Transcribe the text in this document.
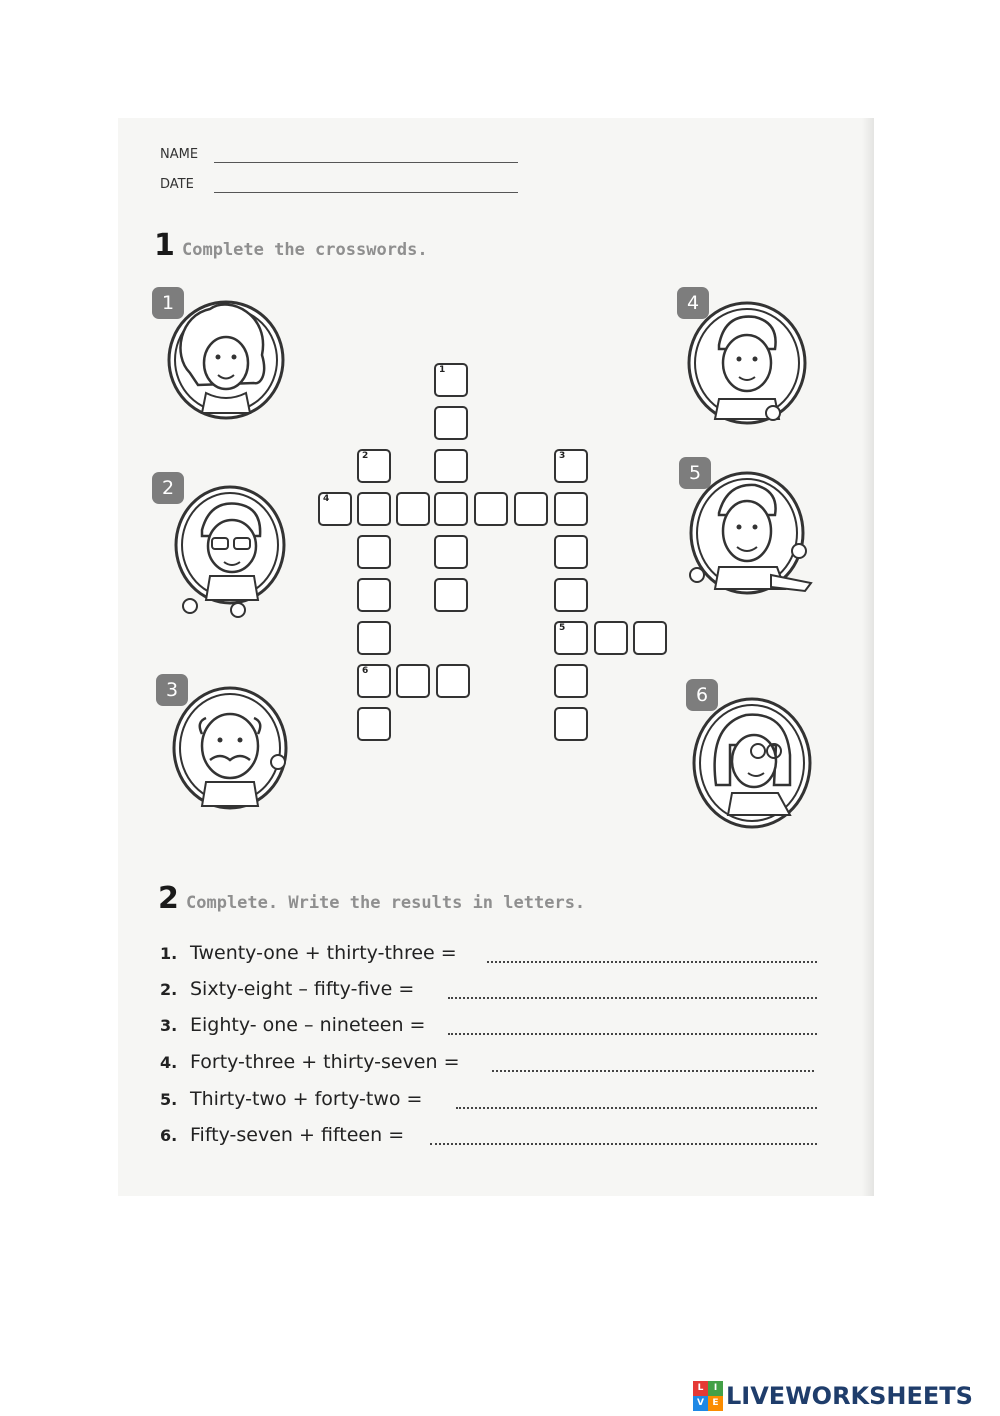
NAME
DATE
1 Complete the crosswords.
1
2
3
4
5
6
1
2	3
4
5
6
2 Complete. Write the results in letters.
1. Twenty-one + thirty-three =
2. Sixty-eight – fifty-five =
3. Eighty- one – nineteen =
4. Forty-three + thirty-seven =
5. Thirty-two + forty-two =
6. Fifty-seven + fifteen =
L	I
V E LIVEWORKSHEETS
